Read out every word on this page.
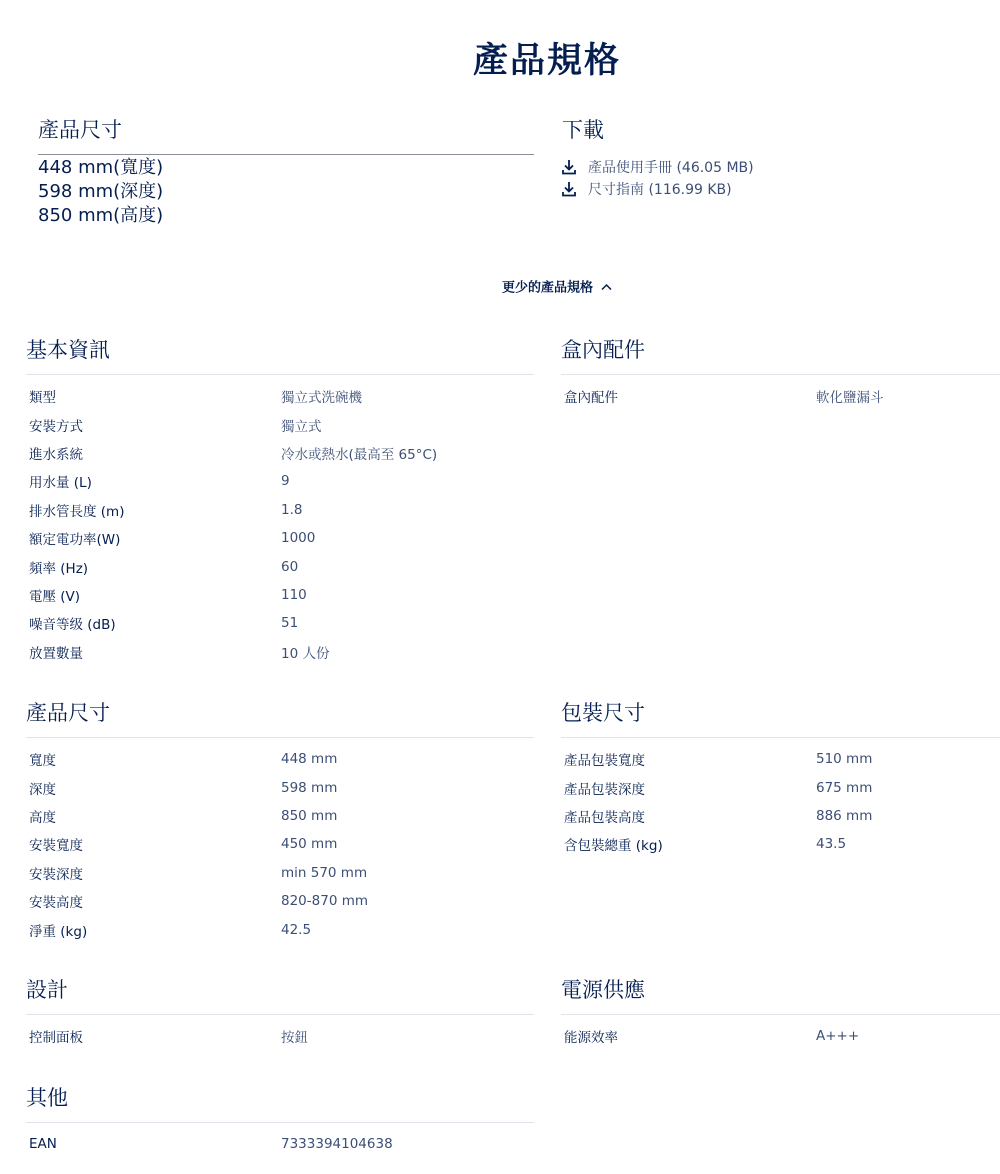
產品規格
產品尺寸
448 mm(寬度)
598 mm(深度)
850 mm(高度)
下載
產品使用手冊 (46.05 MB)
尺寸指南 (116.99 KB)
更少的產品規格
基本資訊
類型	獨立式洗碗機
安裝方式	獨立式
進水系統	冷水或熱水(最高至 65°C)
用水量 (L)	9
排水管長度 (m)	1.8
額定電功率(W)	1000
頻率 (Hz)	60
電壓 (V)	110
噪音等级 (dB)	51
放置數量	10 人份
盒內配件
盒內配件	軟化鹽漏斗
產品尺寸
寬度	448 mm
深度	598 mm
高度	850 mm
安裝寬度	450 mm
安裝深度	min 570 mm
安裝高度	820-870 mm
淨重 (kg)	42.5
包裝尺寸
產品包裝寬度	510 mm
產品包裝深度	675 mm
產品包裝高度	886 mm
含包裝總重 (kg)	43.5
設計
控制面板	按鈕
電源供應
能源效率	A+++
其他
EAN	7333394104638
